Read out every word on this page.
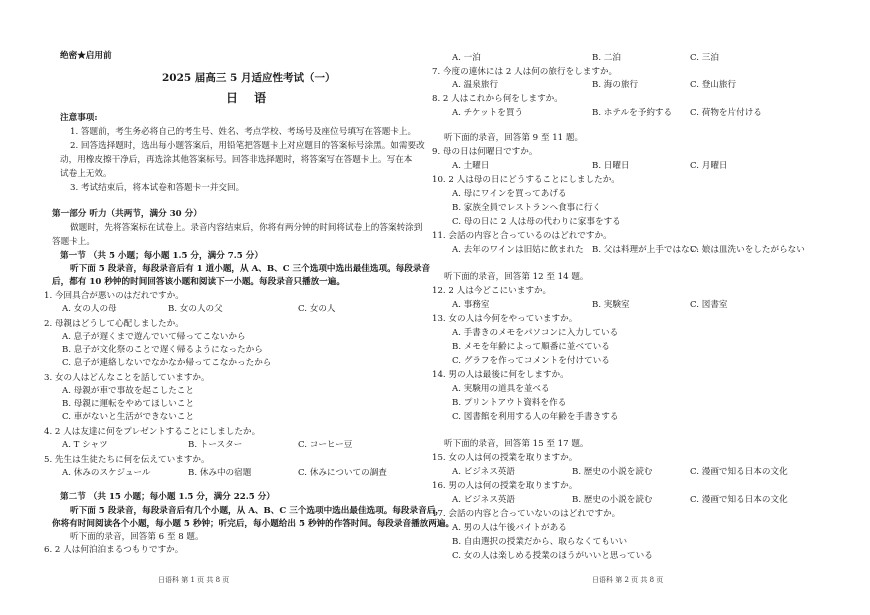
绝密★启用前
2025 届高三 5 月适应性考试（一）
日 语
注意事项:
1. 答题前，考生务必将自己的考生号、姓名、考点学校、考场号及座位号填写在答题卡上。
2. 回答选择题时，选出每小题答案后，用铅笔把答题卡上对应题目的答案标号涂黑。如需要改
动，用橡皮擦干净后，再选涂其他答案标号。回答非选择题时，将答案写在答题卡上。写在本
试卷上无效。
3. 考试结束后，将本试卷和答题卡一并交回。
第一部分 听力（共两节，满分 30 分）
做题时，先将答案标在试卷上。录音内容结束后，你将有两分钟的时间将试卷上的答案转涂到
答题卡上。
第一节 （共 5 小题；每小题 1.5 分，满分 7.5 分）
听下面 5 段录音，每段录音后有 1 道小题，从 A、B、C 三个选项中选出最佳选项。每段录音
后，都有 10 秒钟的时间回答该小题和阅读下一小题。每段录音只播放一遍。
1. 今回具合が悪いのはだれですか。
A. 女の人の母	B. 女の人の父	C. 女の人
2. 母親はどうして心配しましたか。
A. 息子が遅くまで遊んでいて帰ってこないから
B. 息子が文化祭のことで遅く帰るようになったから
C. 息子が連絡しないでなかなか帰ってこなかったから
3. 女の人はどんなことを話していますか。
A. 母親が車で事故を起こしたこと
B. 母親に運転をやめてほしいこと
C. 車がないと生活ができないこと
4. 2 人は友達に何をプレゼントすることにしましたか。
A. T シャツ	B. トースター	C. コーヒー豆
5. 先生は生徒たちに何を伝えていますか。
A. 休みのスケジュール	B. 休み中の宿題	C. 休みについての調査
第二节 （共 15 小题；每小题 1.5 分，满分 22.5 分）
听下面 5 段录音，每段录音后有几个小题，从 A、B、C 三个选项中选出最佳选项。每段录音后，
你将有时间阅读各个小题，每小题 5 秒钟；听完后，每小题给出 5 秒钟的作答时间。每段录音播放两遍。
听下面的录音，回答第 6 至 8 题。
6. 2 人は何泊泊まるつもりですか。
日语科 第 1 页 共 8 页
A. 一泊	B. 二泊	C. 三泊
7. 今度の連休には 2 人は何の旅行をしますか。
A. 温泉旅行	B. 海の旅行	C. 登山旅行
8. 2 人はこれから何をしますか。
A. チケットを買う	B. ホテルを予約する C. 荷物を片付ける
听下面的录音，回答第 9 至 11 题。
9. 母の日は何曜日ですか。
A. 土曜日	B. 日曜日	C. 月曜日
10. 2 人は母の日にどうすることにしましたか。
A. 母にワインを買ってあげる
B. 家族全員でレストランへ食事に行く
C. 母の日に 2 人は母の代わりに家事をする
11. 会話の内容と合っているのはどれですか。
A. 去年のワインは旧姑に飲まれた B. 父は料理が上手ではない
C. 娘は皿洗いをしたがらない
听下面的录音，回答第 12 至 14 题。
12. 2 人は今どこにいますか。
A. 事務室	B. 実験室	C. 図書室
13. 女の人は今何をやっていますか。
A. 手書きのメモをパソコンに入力している
B. メモを年齢によって順番に並べている
C. グラフを作ってコメントを付けている
14. 男の人は最後に何をしますか。
A. 実験用の道具を並べる
B. プリントアウト資料を作る
C. 図書館を利用する人の年齢を手書きする
听下面的录音，回答第 15 至 17 题。
15. 女の人は何の授業を取りますか。
A. ビジネス英語	B. 歴史の小説を読む	C. 漫画で知る日本の文化
16. 男の人は何の授業を取りますか。
A. ビジネス英語	B. 歴史の小説を読む	C. 漫画で知る日本の文化
17. 会話の内容と合っていないのはどれですか。
A. 男の人は午後バイトがある
B. 自由選択の授業だから、取らなくてもいい
C. 女の人は楽しめる授業のほうがいいと思っている
日语科 第 2 页 共 8 页
